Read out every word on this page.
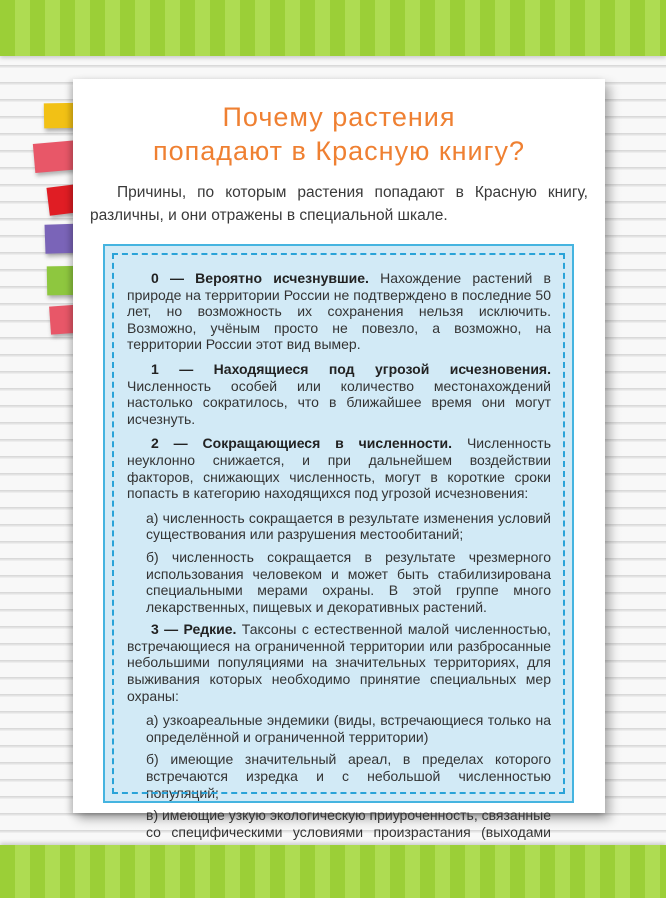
Почему растения
попадают в Красную книгу?

Причины, по которым растения попадают в Красную книгу, различны, и они отражены в специальной шкале.

0 — Вероятно исчезнувшие. Нахождение растений в природе на территории России не подтверждено в последние 50 лет, но возможность их сохранения нельзя исключить. Возможно, учёным просто не повезло, а возможно, на территории России этот вид вымер.

1 — Находящиеся под угрозой исчезновения. Численность особей или количество местонахождений настолько сократилось, что в ближайшее время они могут исчезнуть.

2 — Сокращающиеся в численности. Численность неуклонно снижается, и при дальнейшем воздействии факторов, снижающих численность, могут в короткие сроки попасть в категорию находящихся под угрозой исчезновения:

а) численность сокращается в результате изменения условий существования или разрушения местообитаний;

б) численность сокращается в результате чрезмерного использования человеком и может быть стабилизирована специальными мерами охраны. В этой группе много лекарственных, пищевых и декоративных растений.

3 — Редкие. Таксоны с естественной малой численностью, встречающиеся на ограниченной территории или разбросанные небольшими популяциями на значительных территориях, для выживания которых необходимо принятие специальных мер охраны:

а) узкоареальные эндемики (виды, встречающиеся только на определённой и ограниченной территории)

б) имеющие значительный ареал, в пределах которого встречаются изредка и с небольшой численностью популяций;

в) имеющие узкую экологическую приуроченность, связанные со специфическими условиями произрастания (выходами
